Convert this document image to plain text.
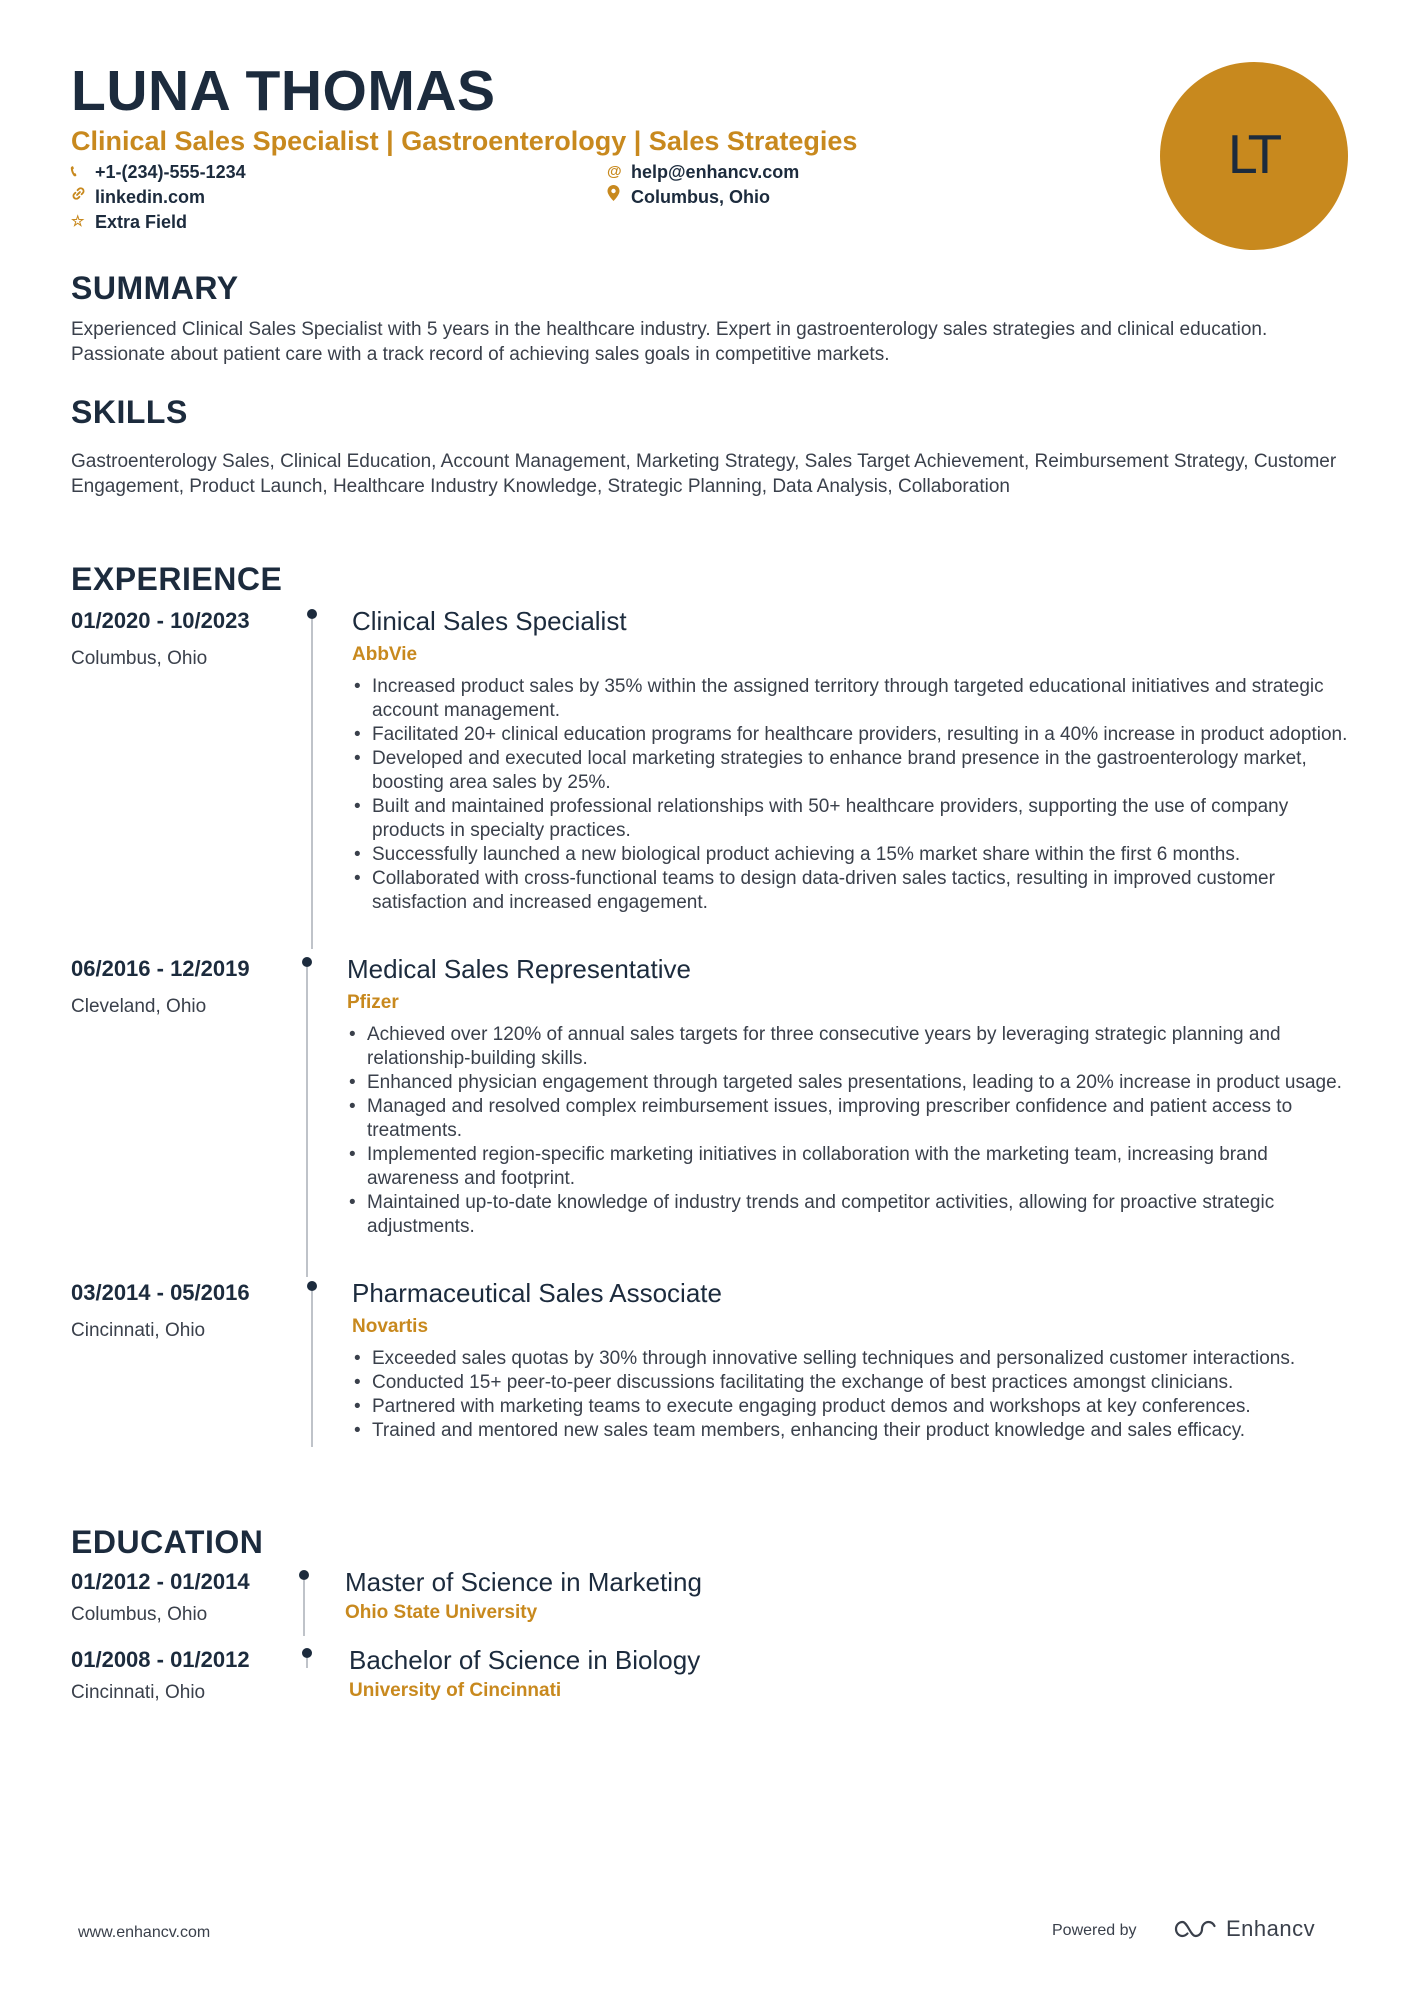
LUNA THOMAS
Clinical Sales Specialist | Gastroenterology | Sales Strategies
📞︎	+1-(234)-555-1234	@ help@enhancv.com
linkedin.com	Columbus, Ohio
☆ Extra Field
LT
SUMMARY
Experienced Clinical Sales Specialist with 5 years in the healthcare industry. Expert in gastroenterology sales strategies and clinical education. Passionate about patient care with a track record of achieving sales goals in competitive markets.
SKILLS
Gastroenterology Sales, Clinical Education, Account Management, Marketing Strategy, Sales Target Achievement, Reimbursement Strategy, Customer Engagement, Product Launch, Healthcare Industry Knowledge, Strategic Planning, Data Analysis, Collaboration
EXPERIENCE
01/2020 - 10/2023
Columbus, Ohio
Clinical Sales Specialist
AbbVie
• Increased product sales by 35% within the assigned territory through targeted educational initiatives and strategic account management.
• Facilitated 20+ clinical education programs for healthcare providers, resulting in a 40% increase in product adoption.
• Developed and executed local marketing strategies to enhance brand presence in the gastroenterology market, boosting area sales by 25%.
• Built and maintained professional relationships with 50+ healthcare providers, supporting the use of company products in specialty practices.
• Successfully launched a new biological product achieving a 15% market share within the first 6 months.
• Collaborated with cross-functional teams to design data-driven sales tactics, resulting in improved customer satisfaction and increased engagement.
06/2016 - 12/2019
Cleveland, Ohio
Medical Sales Representative
Pfizer
• Achieved over 120% of annual sales targets for three consecutive years by leveraging strategic planning and relationship-building skills.
• Enhanced physician engagement through targeted sales presentations, leading to a 20% increase in product usage.
• Managed and resolved complex reimbursement issues, improving prescriber confidence and patient access to treatments.
• Implemented region-specific marketing initiatives in collaboration with the marketing team, increasing brand awareness and footprint.
• Maintained up-to-date knowledge of industry trends and competitor activities, allowing for proactive strategic adjustments.
03/2014 - 05/2016
Cincinnati, Ohio
Pharmaceutical Sales Associate
Novartis
• Exceeded sales quotas by 30% through innovative selling techniques and personalized customer interactions.
• Conducted 15+ peer-to-peer discussions facilitating the exchange of best practices amongst clinicians.
• Partnered with marketing teams to execute engaging product demos and workshops at key conferences.
• Trained and mentored new sales team members, enhancing their product knowledge and sales efficacy.
EDUCATION
01/2012 - 01/2014
Columbus, Ohio
Master of Science in Marketing
Ohio State University
01/2008 - 01/2012
Cincinnati, Ohio
Bachelor of Science in Biology
University of Cincinnati
www.enhancv.com	Powered by	Enhancv
